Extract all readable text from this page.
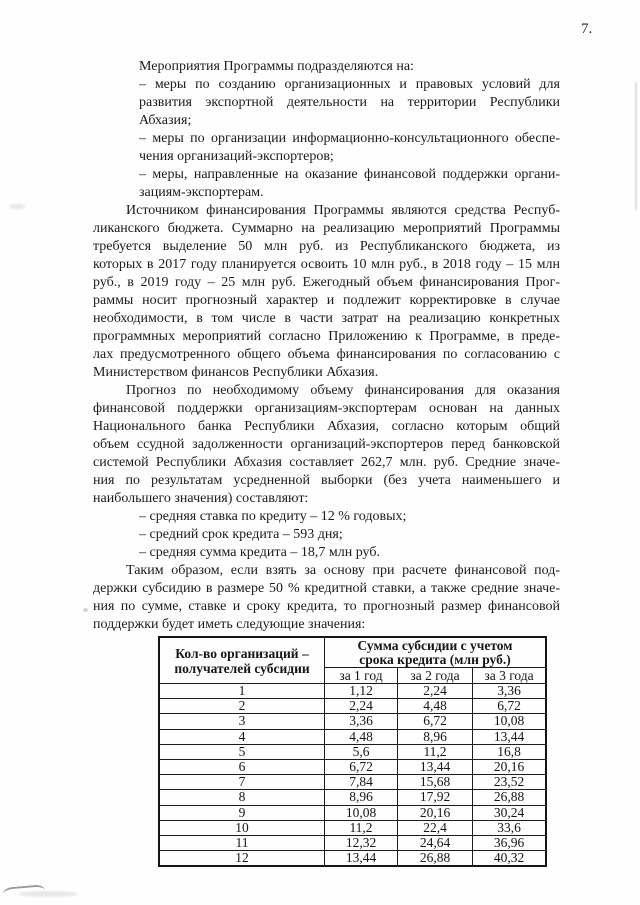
7.
Мероприятия Программы подразделяются на:
– меры по созданию организационных и правовых условий для
развития экспортной деятельности на территории Республики
Абхазия;
– меры по организации информационно-консультационного обеспе-
чения организаций-экспортеров;
– меры, направленные на оказание финансовой поддержки органи-
зациям-экспортерам.
Источником финансирования Программы являются средства Респуб-
ликанского бюджета. Суммарно на реализацию мероприятий Программы
требуется выделение 50 млн руб. из Республиканского бюджета, из
которых в 2017 году планируется освоить 10 млн руб., в 2018 году – 15 млн
руб., в 2019 году – 25 млн руб. Ежегодный объем финансирования Прог-
раммы носит прогнозный характер и подлежит корректировке в случае
необходимости, в том числе в части затрат на реализацию конкретных
программных мероприятий согласно Приложению к Программе, в преде-
лах предусмотренного общего объема финансирования по согласованию с
Министерством финансов Республики Абхазия.
Прогноз по необходимому объему финансирования для оказания
финансовой поддержки организациям-экспортерам основан на данных
Национального банка Республики Абхазия, согласно которым общий
объем ссудной задолженности организаций-экспортеров перед банковской
системой Республики Абхазия составляет 262,7 млн. руб. Средние значе-
ния по результатам усредненной выборки (без учета наименьшего и
наибольшего значения) составляют:
– средняя ставка по кредиту – 12 % годовых;
– средний срок кредита – 593 дня;
– средняя сумма кредита – 18,7 млн руб.
Таким образом, если взять за основу при расчете финансовой под-
держки субсидию в размере 50 % кредитной ставки, а также средние значе-
ния по сумме, ставке и сроку кредита, то прогнозный размер финансовой
поддержки будет иметь следующие значения:
Кол-во организаций –
получателей субсидии	Сумма субсидии с учетом
срока кредита (млн руб.)		

	за 1 год	за 2 года	за 3 года
1	1,12	2,24	3,36
2	2,24	4,48	6,72
3	3,36	6,72	10,08
4	4,48	8,96	13,44
5	5,6	11,2	16,8
6	6,72	13,44	20,16
7	7,84	15,68	23,52
8	8,96	17,92	26,88
9	10,08	20,16	30,24
10	11,2	22,4	33,6
11	12,32	24,64	36,96
12	13,44	26,88	40,32
